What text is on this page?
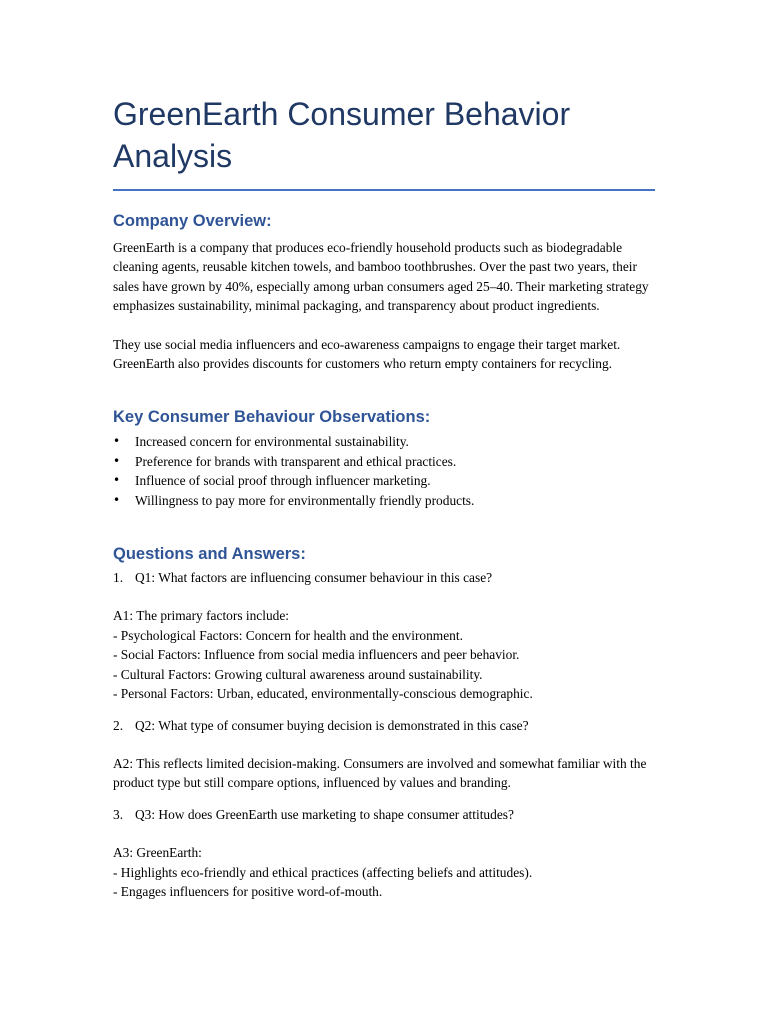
GreenEarth Consumer Behavior Analysis
Company Overview:

GreenEarth is a company that produces eco-friendly household products such as biodegradable cleaning agents, reusable kitchen towels, and bamboo toothbrushes. Over the past two years, their sales have grown by 40%, especially among urban consumers aged 25–40. Their marketing strategy emphasizes sustainability, minimal packaging, and transparency about product ingredients.

They use social media influencers and eco-awareness campaigns to engage their target market. GreenEarth also provides discounts for customers who return empty containers for recycling.

Key Consumer Behaviour Observations:
• Increased concern for environmental sustainability.
• Preference for brands with transparent and ethical practices.
• Influence of social proof through influencer marketing.
• Willingness to pay more for environmentally friendly products.
Questions and Answers:
1. Q1: What factors are influencing consumer behaviour in this case?
A1: The primary factors include:
- Psychological Factors: Concern for health and the environment.
- Social Factors: Influence from social media influencers and peer behavior.
- Cultural Factors: Growing cultural awareness around sustainability.
- Personal Factors: Urban, educated, environmentally-conscious demographic.
2. Q2: What type of consumer buying decision is demonstrated in this case?
A2: This reflects limited decision-making. Consumers are involved and somewhat familiar with the product type but still compare options, influenced by values and branding.
3. Q3: How does GreenEarth use marketing to shape consumer attitudes?
A3: GreenEarth:
- Highlights eco-friendly and ethical practices (affecting beliefs and attitudes).
- Engages influencers for positive word-of-mouth.
